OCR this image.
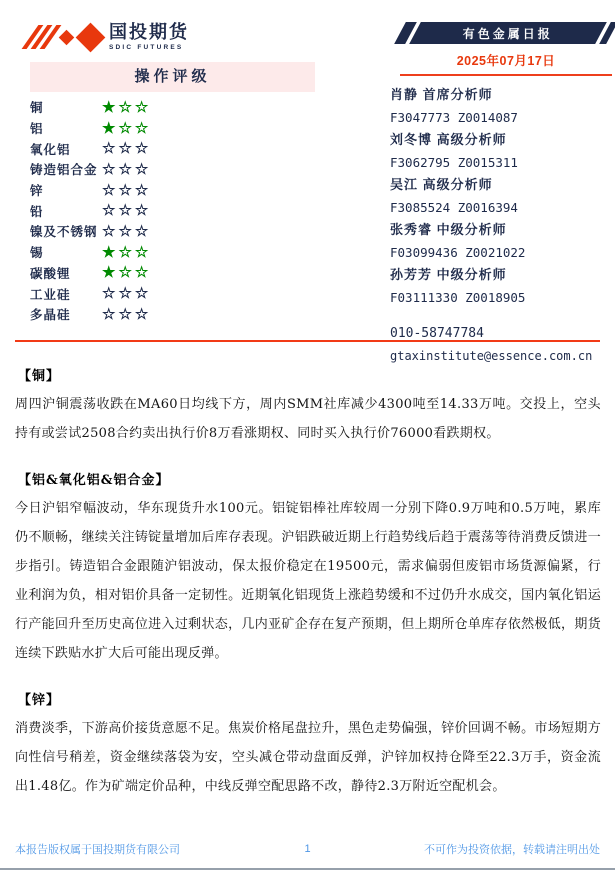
国投期货
SDIC FUTURES
有色金属日报
2025年07月17日
操作评级
铜	★☆☆
铝	★☆☆
氧化铝	☆☆☆
铸造铝合金 ☆☆☆
锌	☆☆☆
铅	☆☆☆
镍及不锈钢 ☆☆☆
锡	★☆☆
碳酸锂	★☆☆
工业硅	☆☆☆
多晶硅	☆☆☆
肖静 首席分析师
F3047773 Z0014087
刘冬博 高级分析师
F3062795 Z0015311
吴江 高级分析师
F3085524 Z0016394
张秀睿 中级分析师
F03099436 Z0021022
孙芳芳 中级分析师
F03111330 Z0018905
010-58747784
gtaxinstitute@essence.com.cn
【铜】

周四沪铜震荡收跌在MA60日均线下方，周内SMM社库减少4300吨至14.33万吨。交投上，空头持有或尝试2508合约卖出执行价8万看涨期权、同时买入执行价76000看跌期权。

【铝&氧化铝&铝合金】

今日沪铝窄幅波动，华东现货升水100元。铝锭铝棒社库较周一分别下降0.9万吨和0.5万吨，累库仍不顺畅，继续关注铸锭量增加后库存表现。沪铝跌破近期上行趋势线后趋于震荡等待消费反馈进一步指引。铸造铝合金跟随沪铝波动，保太报价稳定在19500元，需求偏弱但废铝市场货源偏紧，行业利润为负，相对铝价具备一定韧性。近期氧化铝现货上涨趋势缓和不过仍升水成交，国内氧化铝运行产能回升至历史高位进入过剩状态，几内亚矿企存在复产预期，但上期所仓单库存依然极低，期货连续下跌贴水扩大后可能出现反弹。

【锌】

消费淡季，下游高价接货意愿不足。焦炭价格尾盘拉升，黑色走势偏强，锌价回调不畅。市场短期方向性信号稍差，资金继续落袋为安，空头减仓带动盘面反弹，沪锌加权持仓降至22.3万手，资金流出1.48亿。作为矿端定价品种，中线反弹空配思路不改，静待2.3万附近空配机会。

本报告版权属于国投期货有限公司	1	不可作为投资依据，转载请注明出处
